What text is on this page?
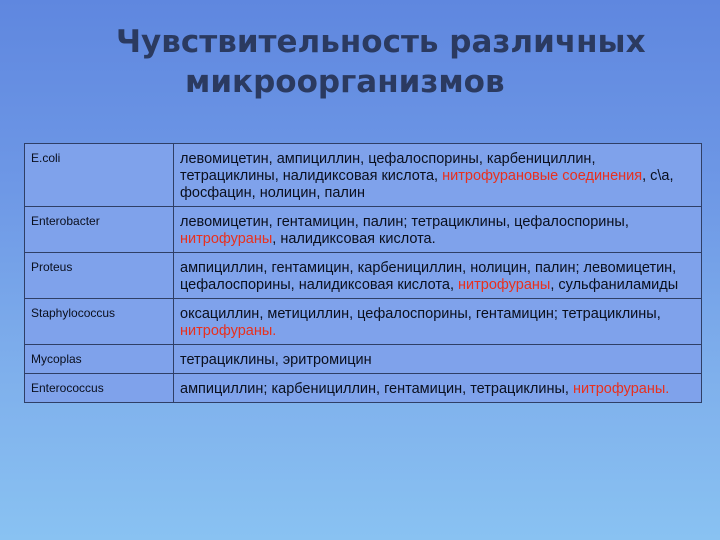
Чувствительность различных
микроорганизмов
E.coli	левомицетин, ампициллин, цефалоспорины, карбенициллин, тетрациклины, налидиксовая кислота, нитрофурановые соединения, с\а, фосфацин, нолицин, палин
Enterobacter	левомицетин, гентамицин, палин; тетрациклины, цефалоспорины, нитрофураны, налидиксовая кислота.
Proteus	ампициллин, гентамицин, карбенициллин, нолицин, палин; левомицетин, цефалоспорины, налидиксовая кислота, нитрофураны, сульфаниламиды
Staphylococcus	оксациллин, метициллин, цефалоспорины, гентамицин; тетрациклины, нитрофураны.
Mycoplas	тетрациклины, эритромицин
Enterococcus	ампициллин; карбенициллин, гентамицин, тетрациклины, нитрофураны.
